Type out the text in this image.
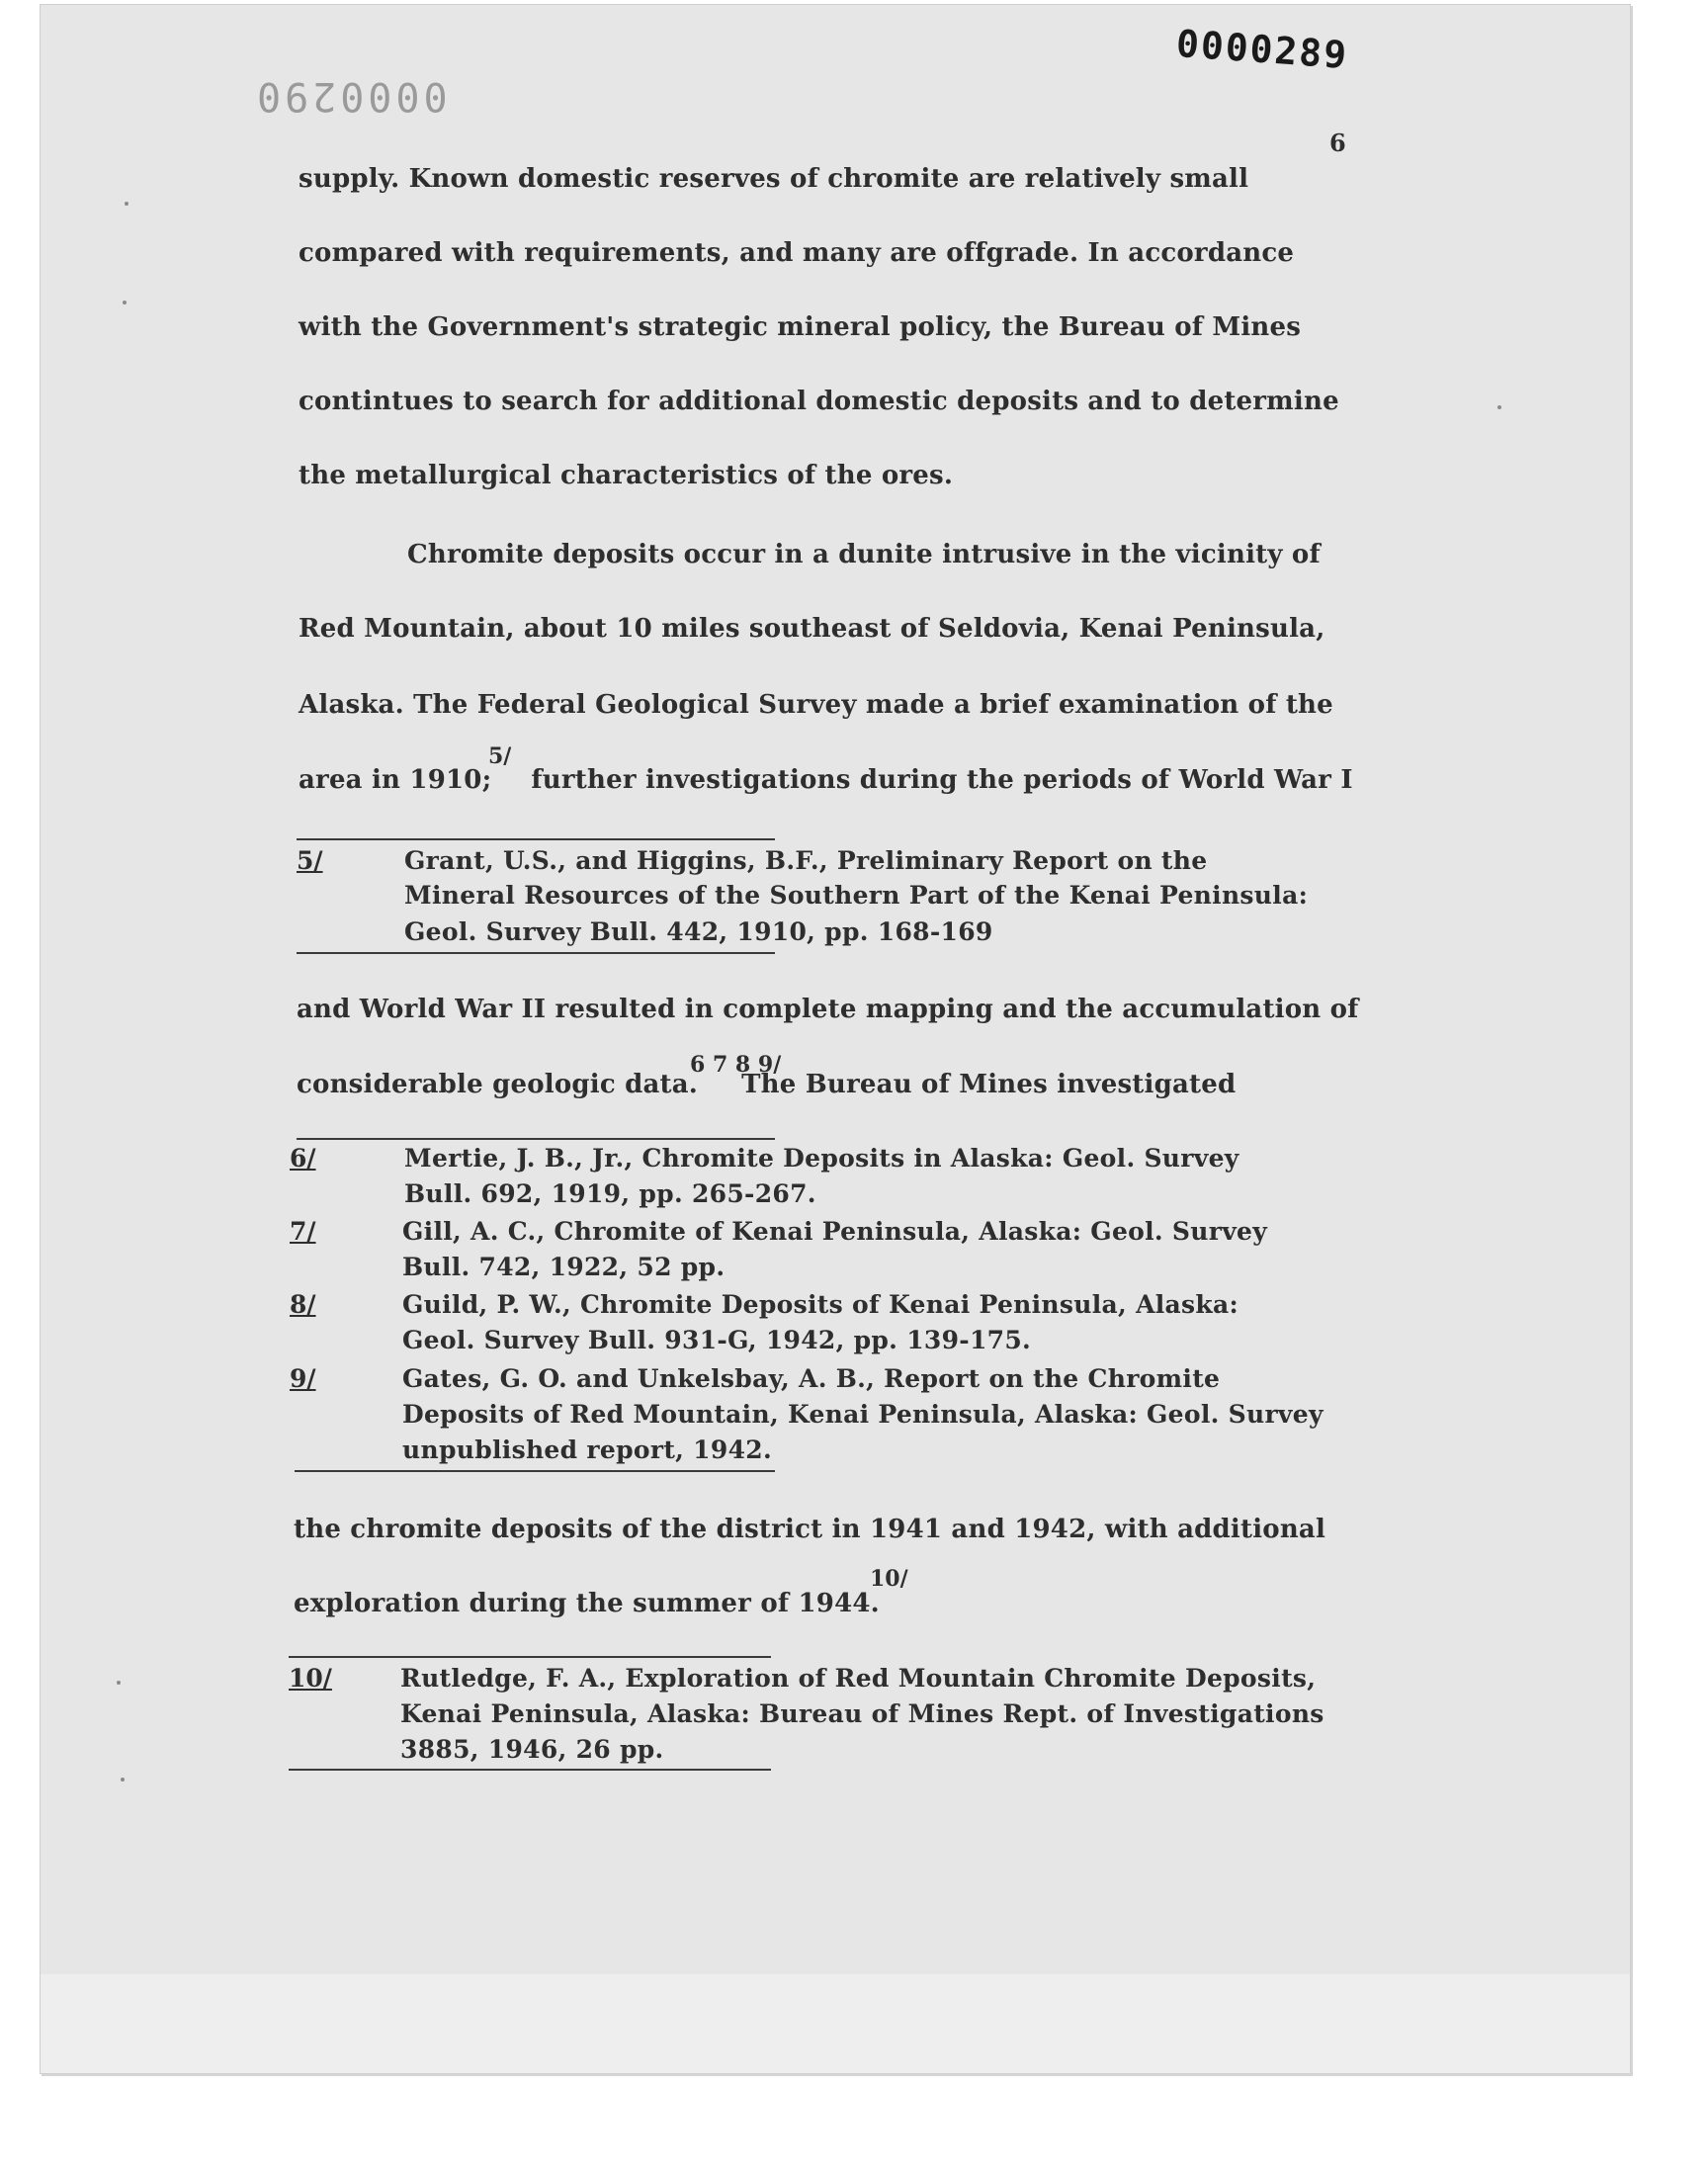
0000289
0000290
6
supply. Known domestic reserves of chromite are relatively small
compared with requirements, and many are offgrade. In accordance
with the Government's strategic mineral policy, the Bureau of Mines
contintues to search for additional domestic deposits and to determine
the metallurgical characteristics of the ores.
Chromite deposits occur in a dunite intrusive in the vicinity of
Red Mountain, about 10 miles southeast of Seldovia, Kenai Peninsula,
Alaska. The Federal Geological Survey made a brief examination of the
area in 1910; further investigations during the periods of World War I
5/
5/	Grant, U.S., and Higgins, B.F., Preliminary Report on the
Mineral Resources of the Southern Part of the Kenai Peninsula:
Geol. Survey Bull. 442, 1910, pp. 168-169
and World War II resulted in complete mapping and the accumulation of
considerable geologic data. The Bureau of Mines investigated
6 7 8 9/
6/	Mertie, J. B., Jr., Chromite Deposits in Alaska: Geol. Survey
Bull. 692, 1919, pp. 265-267.
7/	Gill, A. C., Chromite of Kenai Peninsula, Alaska: Geol. Survey
Bull. 742, 1922, 52 pp.
8/	Guild, P. W., Chromite Deposits of Kenai Peninsula, Alaska:
Geol. Survey Bull. 931-G, 1942, pp. 139-175.
9/	Gates, G. O. and Unkelsbay, A. B., Report on the Chromite
Deposits of Red Mountain, Kenai Peninsula, Alaska: Geol. Survey
unpublished report, 1942.
the chromite deposits of the district in 1941 and 1942, with additional
exploration during the summer of 1944.
10/
10/	Rutledge, F. A., Exploration of Red Mountain Chromite Deposits,
Kenai Peninsula, Alaska: Bureau of Mines Rept. of Investigations
3885, 1946, 26 pp.
